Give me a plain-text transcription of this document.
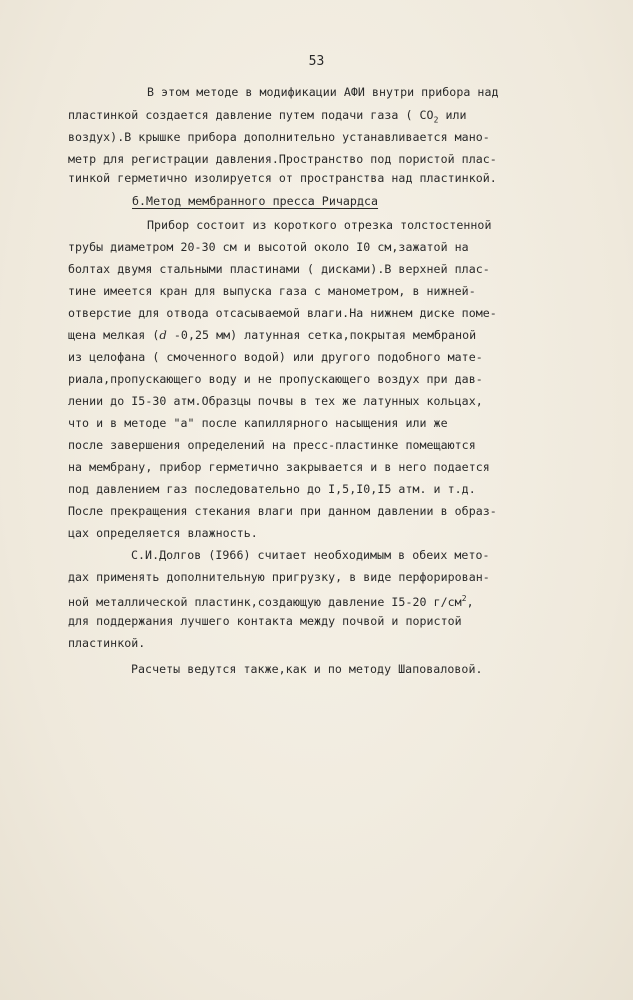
53
В этом методе в модификации АФИ внутри прибора над
пластинкой создается давление путем подачи газа ( $СО_2$ или
воздух).В крышке прибора дополнительно устанавливается мано-
метр для регистрации давления.Пространство под пористой плас-
тинкой герметично изолируется от пространства над пластинкой.
б.Метод мембранного пресса Ричардса
Прибор состоит из короткого отрезка толстостенной
трубы диаметром 20-30 см и высотой около I0 см,зажатой на
болтах двумя стальными пластинами ( дисками).В верхней плас-
тине имеется кран для выпуска газа с манометром, в нижней-
отверстие для отвода отсасываемой влаги.На нижнем диске поме-
щена мелкая (d -0,25 мм) латунная сетка,покрытая мембраной
из целофана ( смоченного водой) или другого подобного мате-
риала,пропускающего воду и не пропускающего воздух при дав-
лении до I5-30 атм.Образцы почвы в тех же латунных кольцах,
что и в методе "а" после капиллярного насыщения или же
после завершения определений на пресс-пластинке помещаются
на мембрану, прибор герметично закрывается и в него подается
под давлением газ последовательно до I,5,I0,I5 атм. и т.д.
После прекращения стекания влаги при данном давлении в образ-
цах определяется влажность.
С.И.Долгов (I966) считает необходимым в обеих мето-
дах применять дополнительную пригрузку, в виде перфорирован-
ной металлической пластинк,создающую давление I5-20 $г/см^2$,
для поддержания лучшего контакта между почвой и пористой
пластинкой.
Расчеты ведутся также,как и по методу Шаповаловой.
